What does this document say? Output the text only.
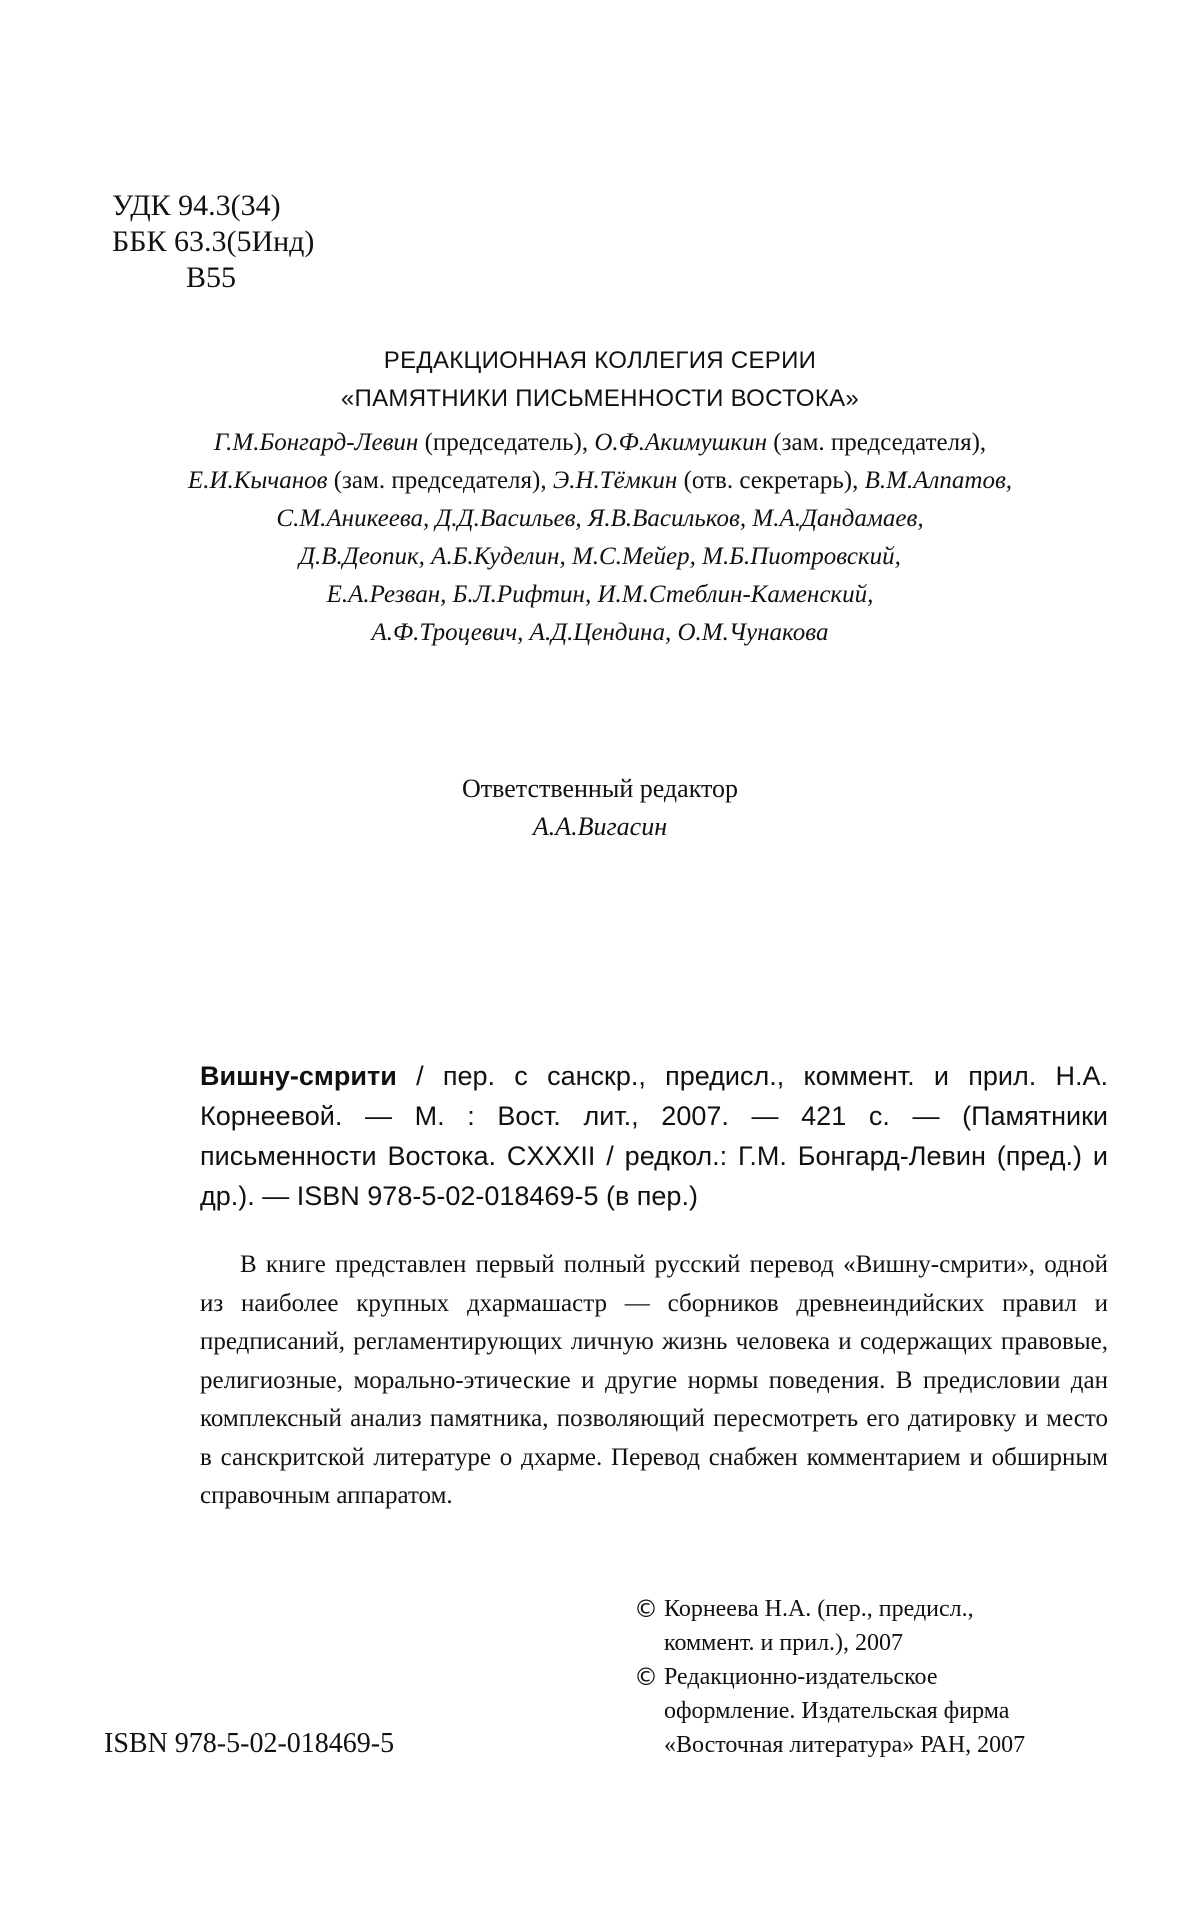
УДК 94.3(34)
ББК 63.3(5Инд)
В55
РЕДАКЦИОННАЯ КОЛЛЕГИЯ СЕРИИ
«ПАМЯТНИКИ ПИСЬМЕННОСТИ ВОСТОКА»
Г.М.Бонгард-Левин (председатель), О.Ф.Акимушкин (зам. председателя),
Е.И.Кычанов (зам. председателя), Э.Н.Тёмкин (отв. секретарь), В.М.Алпатов,
С.М.Аникеева, Д.Д.Васильев, Я.В.Васильков, М.А.Дандамаев,
Д.В.Деопик, А.Б.Куделин, М.С.Мейер, М.Б.Пиотровский,
Е.А.Резван, Б.Л.Рифтин, И.М.Стеблин-Каменский,
А.Ф.Троцевич, А.Д.Цендина, О.М.Чунакова
Ответственный редактор
А.А.Вигасин
Вишну-смрити / пер. с санскр., предисл., коммент. и прил. Н.А. Корнеевой. — М. : Вост. лит., 2007. — 421 с. — (Памятники письменности Востока. CXXXII / редкол.: Г.М. Бонгард-Левин (пред.) и др.). — ISBN 978-5-02-018469-5 (в пер.)
В книге представлен первый полный русский перевод «Вишну-смрити», одной из наиболее крупных дхармашастр — сборников древнеиндийских правил и предписаний, регламентирующих личную жизнь человека и содержащих правовые, религиозные, морально-этические и другие нормы поведения. В предисловии дан комплексный анализ памятника, позволяющий пересмотреть его датировку и место в санскритской литературе о дхарме. Перевод снабжен комментарием и обширным справочным аппаратом.
© Корнеева Н.А. (пер., предисл.,
коммент. и прил.), 2007
© Редакционно-издательское
оформление. Издательская фирма
«Восточная литература» РАН, 2007
ISBN 978-5-02-018469-5
